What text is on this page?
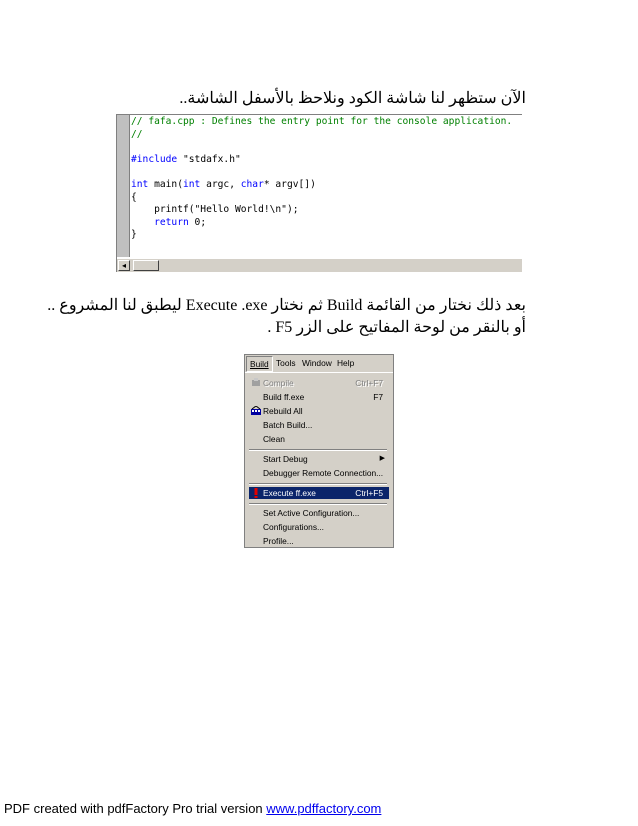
الآن ستظهر لنا شاشة الكود ونلاحظ بالأسفل الشاشة..
// fafa.cpp : Defines the entry point for the console application.
//

#include "stdafx.h"

int main(int argc, char* argv[])
{
printf("Hello World!\n");
return 0;
}
◂
بعد ذلك نختار من القائمة Build ثم نختار Execute .exe ليطبق لنا المشروع ..
أو بالنقر من لوحة المفاتيح على الزر F5 .
Build Tools Window Help
Compile	Ctrl+F7
Build ff.exe	F7
Rebuild All
Batch Build...
Clean
Start Debug	▶
Debugger Remote Connection...
Execute ff.exe	Ctrl+F5
Set Active Configuration...
Configurations...
Profile...
PDF created with pdfFactory Pro trial version www.pdffactory.com
